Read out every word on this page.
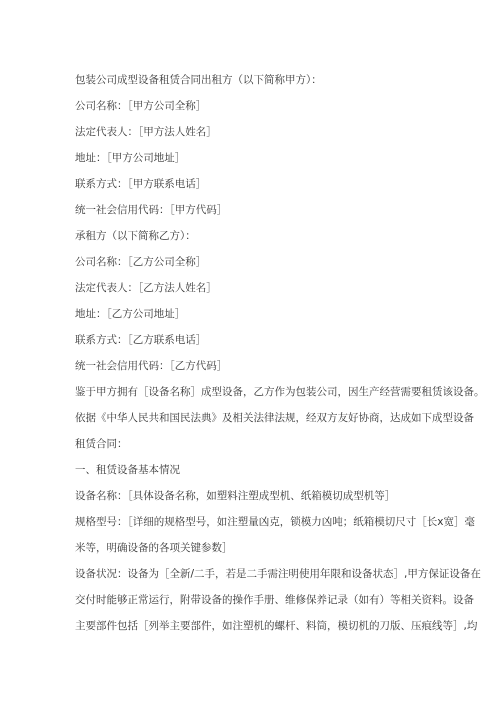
包装公司成型设备租赁合同出租方（以下简称甲方）：
公司名称：［甲方公司全称］
法定代表人：［甲方法人姓名］
地址：［甲方公司地址］
联系方式：［甲方联系电话］
统一社会信用代码：［甲方代码］
承租方（以下简称乙方）：
公司名称：［乙方公司全称］
法定代表人：［乙方法人姓名］
地址：［乙方公司地址］
联系方式：［乙方联系电话］
统一社会信用代码：［乙方代码］
鉴于甲方拥有［设备名称］成型设备，乙方作为包装公司，因生产经营需要租赁该设备。
依据《中华人民共和国民法典》及相关法律法规，经双方友好协商，达成如下成型设备
租赁合同：
一、租赁设备基本情况
设备名称：［具体设备名称，如塑料注塑成型机、纸箱模切成型机等］
规格型号：［详细的规格型号，如注塑量凶克，锁模力凶吨；纸箱模切尺寸［长x宽］毫
米等，明确设备的各项关键参数］
设备状况：设备为［全新/二手，若是二手需注明使用年限和设备状态］,甲方保证设备在
交付时能够正常运行，附带设备的操作手册、维修保养记录（如有）等相关资料。设备
主要部件包括［列举主要部件，如注塑机的螺杆、料筒，模切机的刀版、压痕线等］,均
